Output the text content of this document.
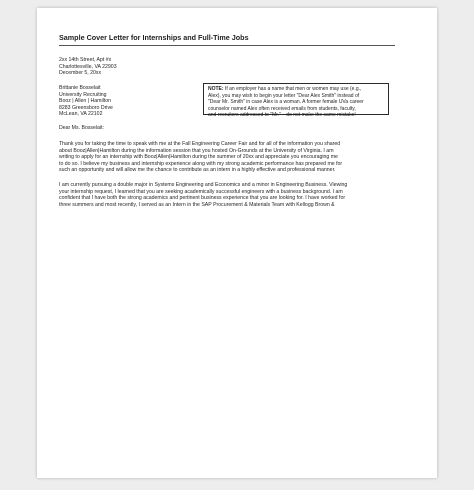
Sample Cover Letter for Internships and Full-Time Jobs
2xx 14th Street, Apt #x
Charlottesville, VA 22903
December 5, 20xx
Brittanie Bosselait
University Recruiting
Booz | Allen | Hamilton
8283 Greensboro Drive
McLean, VA 22102
NOTE: If an employer has a name that men or women may use (e.g.,
Alex), you may wish to begin your letter "Dear Alex Smith" instead of
"Dear Mr. Smith" in case Alex is a woman. A former female UVa career
counselor named Alex often received emails from students, faculty,
and recruiters addressed to "Mr." – do not make the same mistake!
Dear Ms. Bosselait:
Thank you for taking the time to speak with me at the Fall Engineering Career Fair and for all of the information you shared
about Booz|Allen|Hamilton during the information session that you hosted On-Grounds at the University of Virginia. I am
writing to apply for an internship with Booz|Allen|Hamilton during the summer of 20xx and appreciate you encouraging me
to do so. I believe my business and internship experience along with my strong academic performance has prepared me for
such an opportunity and will allow me the chance to contribute as an intern in a highly effective and professional manner.
I am currently pursuing a double major in Systems Engineering and Economics and a minor in Engineering Business. Viewing
your internship request, I learned that you are seeking academically successful engineers with a business background. I am
confident that I have both the strong academics and pertinent business experience that you are looking for. I have worked for
three summers and most recently, I served as an Intern in the SAP Procurement & Materials Team with Kellogg Brown &
